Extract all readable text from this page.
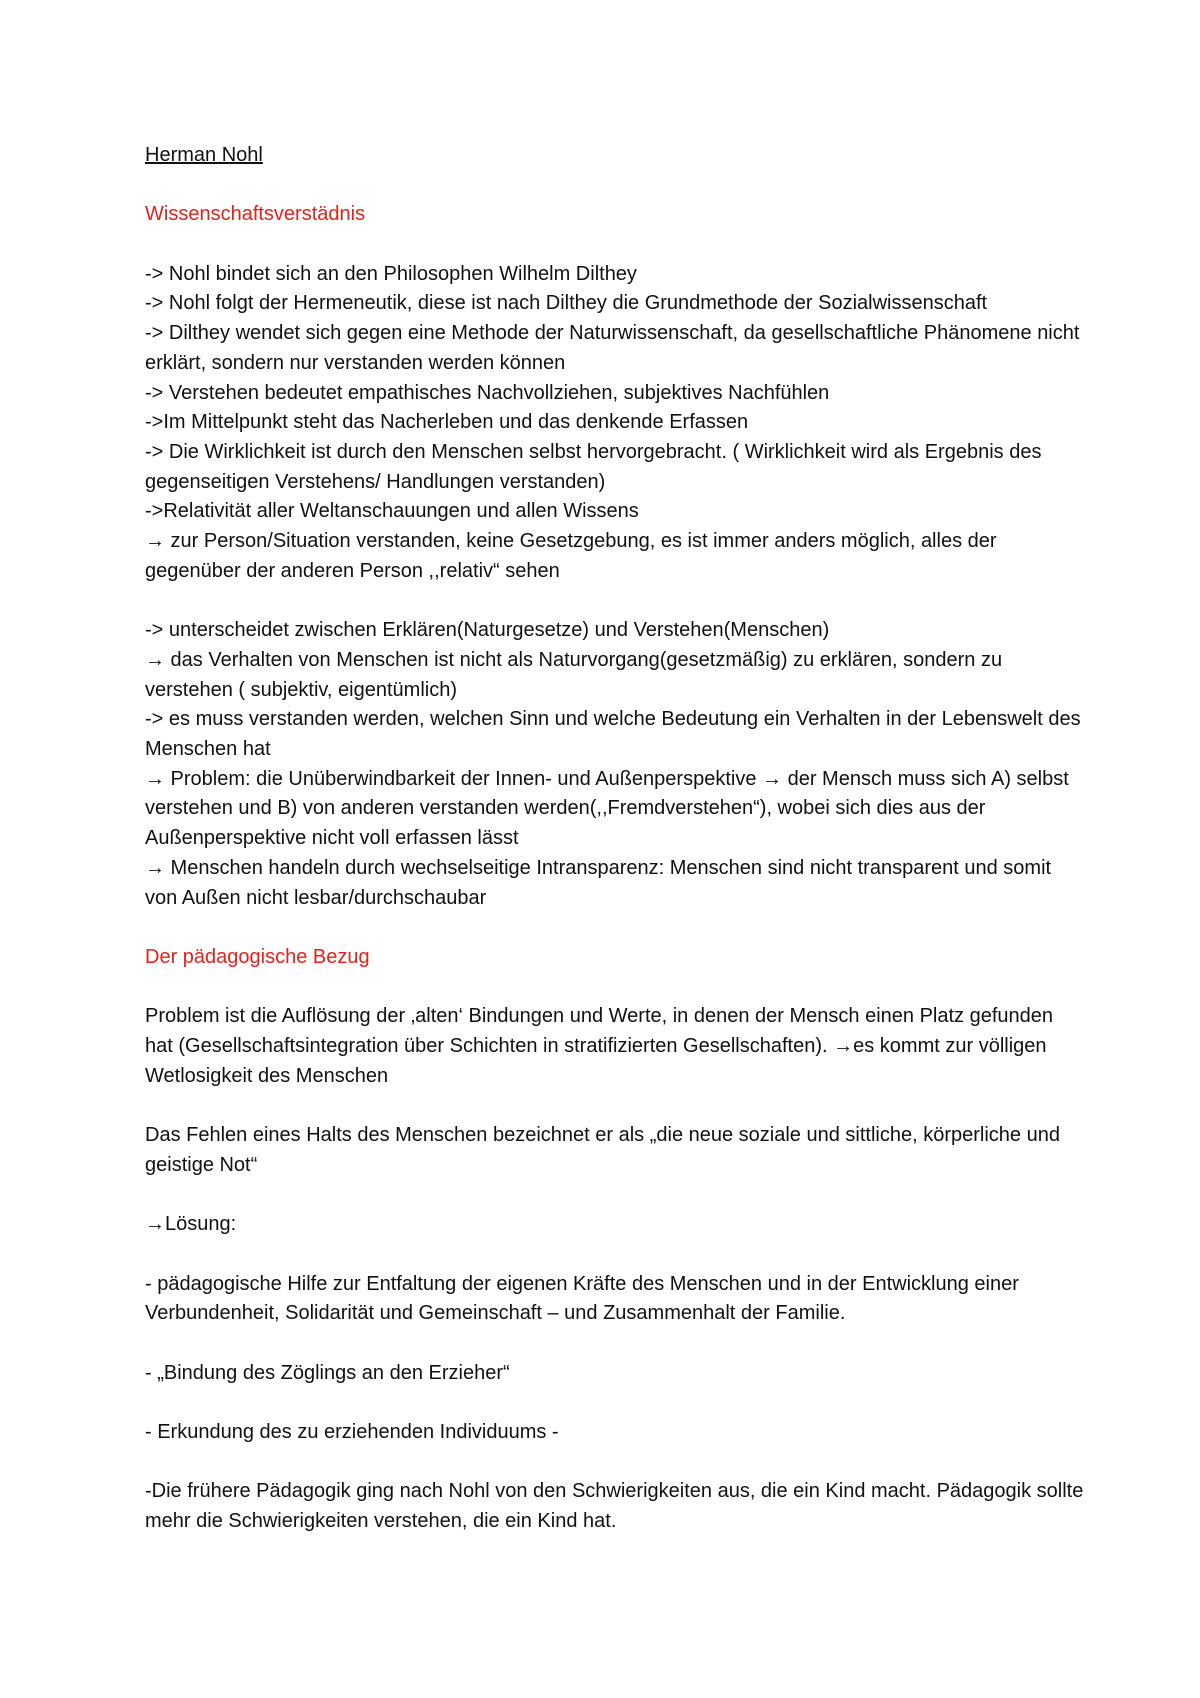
Herman Nohl

Wissenschaftsverstädnis

-> Nohl bindet sich an den Philosophen Wilhelm Dilthey

-> Nohl folgt der Hermeneutik, diese ist nach Dilthey die Grundmethode der Sozialwissenschaft

-> Dilthey wendet sich gegen eine Methode der Naturwissenschaft, da gesellschaftliche Phänomene nicht erklärt, sondern nur verstanden werden können

-> Verstehen bedeutet empathisches Nachvollziehen, subjektives Nachfühlen

->Im Mittelpunkt steht das Nacherleben und das denkende Erfassen

-> Die Wirklichkeit ist durch den Menschen selbst hervorgebracht. ( Wirklichkeit wird als Ergebnis des gegenseitigen Verstehens/ Handlungen verstanden)

->Relativität aller Weltanschauungen und allen Wissens

→ zur Person/Situation verstanden, keine Gesetzgebung, es ist immer anders möglich, alles der gegenüber der anderen Person ,,relativ“ sehen

-> unterscheidet zwischen Erklären(Naturgesetze) und Verstehen(Menschen)

→ das Verhalten von Menschen ist nicht als Naturvorgang(gesetzmäßig) zu erklären, sondern zu verstehen ( subjektiv, eigentümlich)

-> es muss verstanden werden, welchen Sinn und welche Bedeutung ein Verhalten in der Lebenswelt des Menschen hat

→ Problem: die Unüberwindbarkeit der Innen- und Außenperspektive → der Mensch muss sich A) selbst verstehen und B) von anderen verstanden werden(,,Fremdverstehen“), wobei sich dies aus der Außenperspektive nicht voll erfassen lässt

→ Menschen handeln durch wechselseitige Intransparenz: Menschen sind nicht transparent und somit von Außen nicht lesbar/durchschaubar

Der pädagogische Bezug

Problem ist die Auflösung der ‚alten‘ Bindungen und Werte, in denen der Mensch einen Platz gefunden hat (Gesellschaftsintegration über Schichten in stratifizierten Gesellschaften). →es kommt zur völligen Wetlosigkeit des Menschen

Das Fehlen eines Halts des Menschen bezeichnet er als „die neue soziale und sittliche, körperliche und geistige Not“

→Lösung:

- pädagogische Hilfe zur Entfaltung der eigenen Kräfte des Menschen und in der Entwicklung einer Verbundenheit, Solidarität und Gemeinschaft – und Zusammenhalt der Familie.

- „Bindung des Zöglings an den Erzieher“

- Erkundung des zu erziehenden Individuums -

-Die frühere Pädagogik ging nach Nohl von den Schwierigkeiten aus, die ein Kind macht. Pädagogik sollte mehr die Schwierigkeiten verstehen, die ein Kind hat.
